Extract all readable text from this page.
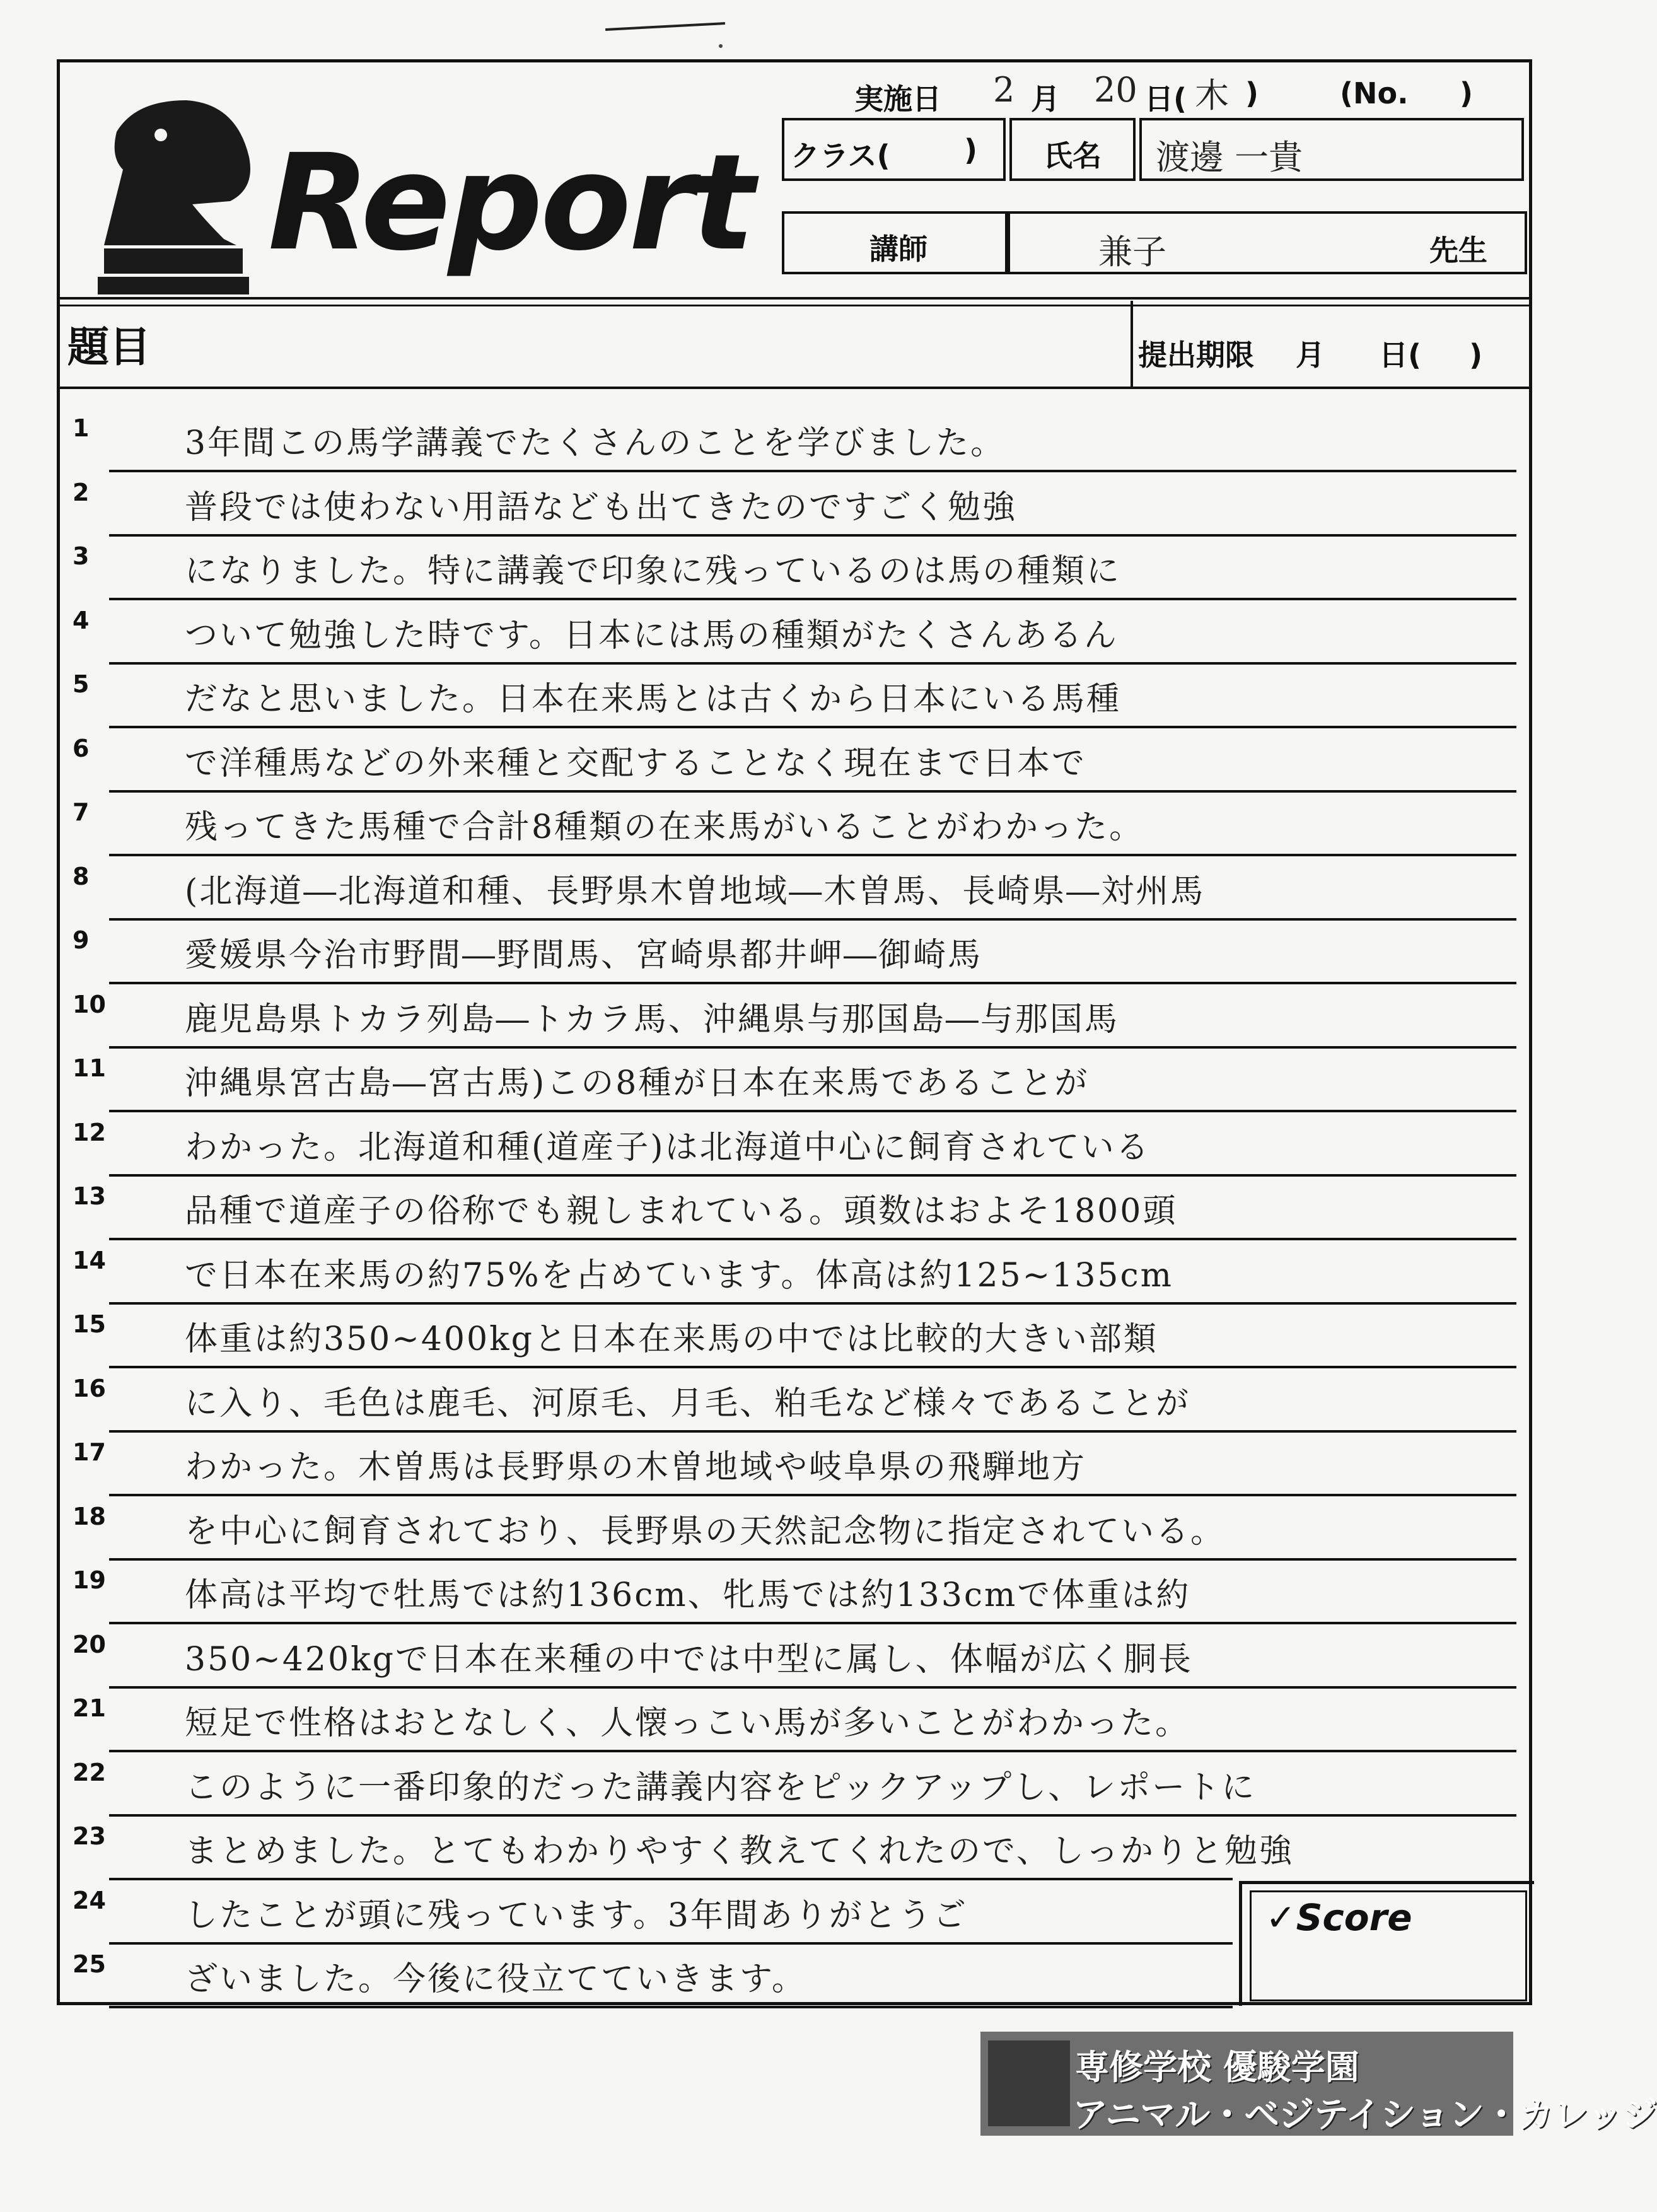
Report
実施日 2 月 20 日( 木 )	(No. )
クラス(	) 氏名 渡邊 一貴
講師	兼子	先生
題目	提出期限 月 日( )
1	3年間この馬学講義でたくさんのことを学びました。
2	普段では使わない用語なども出てきたのですごく勉強
3	になりました。特に講義で印象に残っているのは馬の種類に
4	ついて勉強した時です。日本には馬の種類がたくさんあるん
5	だなと思いました。日本在来馬とは古くから日本にいる馬種
6	で洋種馬などの外来種と交配することなく現在まで日本で
7	残ってきた馬種で合計8種類の在来馬がいることがわかった。
8	(北海道―北海道和種、長野県木曽地域―木曽馬、長崎県―対州馬
9	愛媛県今治市野間―野間馬、宮崎県都井岬―御崎馬
10 鹿児島県トカラ列島―トカラ馬、沖縄県与那国島―与那国馬
11 沖縄県宮古島―宮古馬)この8種が日本在来馬であることが
12 わかった。北海道和種(道産子)は北海道中心に飼育されている
13 品種で道産子の俗称でも親しまれている。頭数はおよそ1800頭
14 で日本在来馬の約75%を占めています。体高は約125~135cm
15 体重は約350~400kgと日本在来馬の中では比較的大きい部類
16 に入り、毛色は鹿毛、河原毛、月毛、粕毛など様々であることが
17 わかった。木曽馬は長野県の木曽地域や岐阜県の飛騨地方
18 を中心に飼育されており、長野県の天然記念物に指定されている。
19 体高は平均で牡馬では約136cm、牝馬では約133cmで体重は約
20 350~420kgで日本在来種の中では中型に属し、体幅が広く胴長
21 短足で性格はおとなしく、人懐っこい馬が多いことがわかった。
22 このように一番印象的だった講義内容をピックアップし、レポートに
23 まとめました。とてもわかりやすく教えてくれたので、しっかりと勉強
24 したことが頭に残っています。3年間ありがとうご
25 ざいました。今後に役立てていきます。
✓Score
専修学校 優駿学園
アニマル・ベジテイション・カレッジ
